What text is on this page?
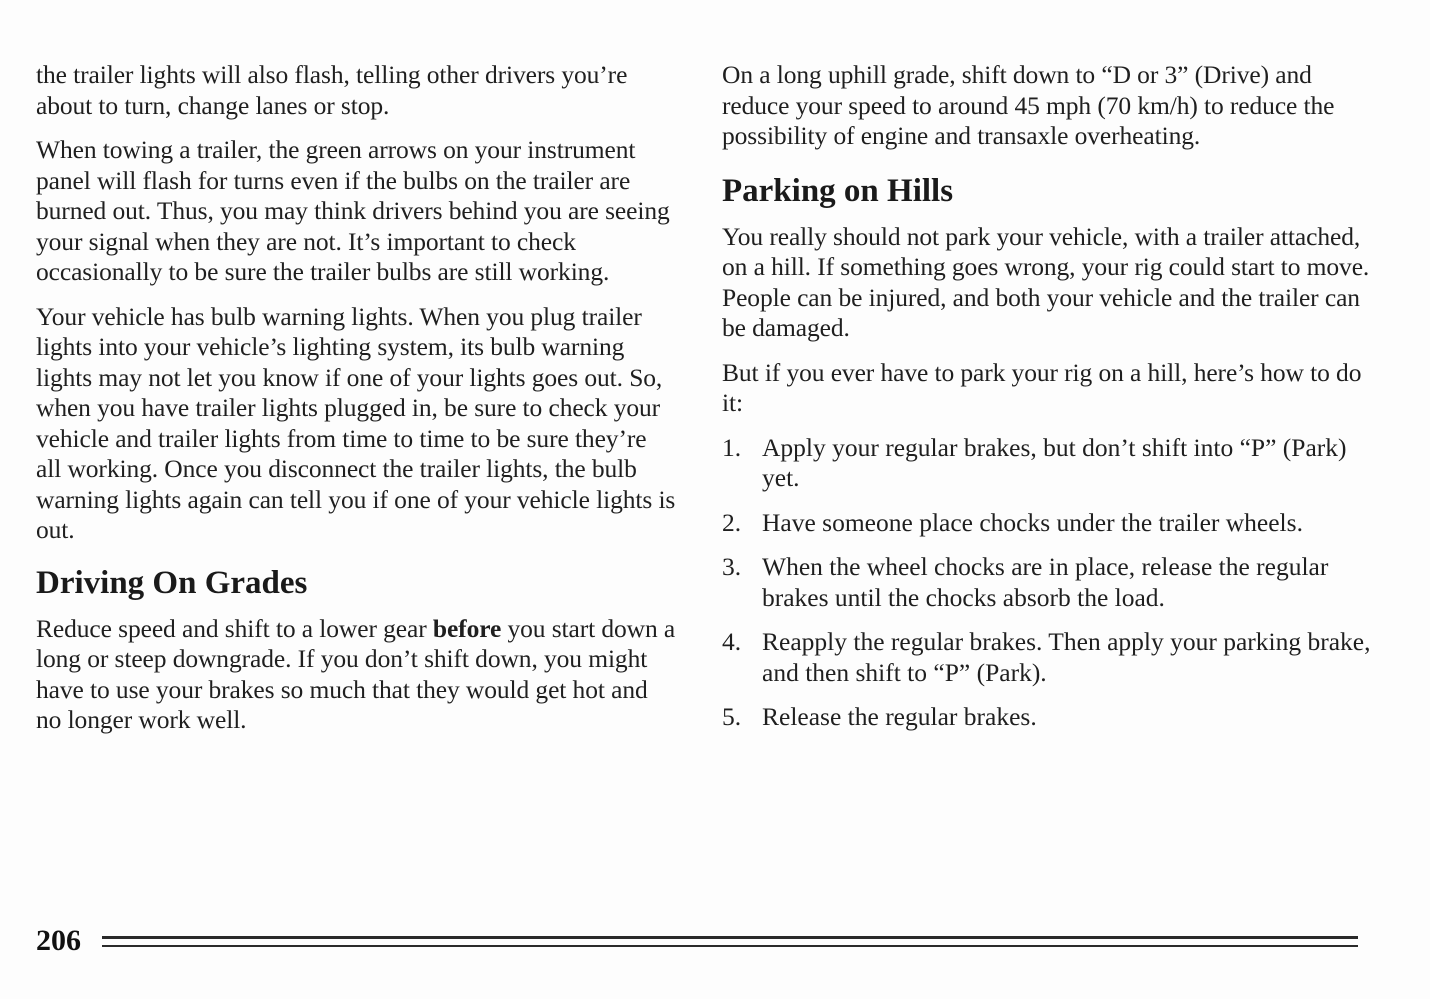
the trailer lights will also flash, telling other drivers you’re about to turn, change lanes or stop.

When towing a trailer, the green arrows on your instrument panel will flash for turns even if the bulbs on the trailer are burned out. Thus, you may think drivers behind you are seeing your signal when they are not. It’s important to check occasionally to be sure the trailer bulbs are still working.

Your vehicle has bulb warning lights. When you plug trailer lights into your vehicle’s lighting system, its bulb warning lights may not let you know if one of your lights goes out. So, when you have trailer lights plugged in, be sure to check your vehicle and trailer lights from time to time to be sure they’re all working. Once you disconnect the trailer lights, the bulb warning lights again can tell you if one of your vehicle lights is out.

Driving On Grades

Reduce speed and shift to a lower gear before you start down a long or steep downgrade. If you don’t shift down, you might have to use your brakes so much that they would get hot and no longer work well.

On a long uphill grade, shift down to “D or 3” (Drive) and reduce your speed to around 45 mph (70 km/h) to reduce the possibility of engine and transaxle overheating.

Parking on Hills

You really should not park your vehicle, with a trailer attached, on a hill. If something goes wrong, your rig could start to move. People can be injured, and both your vehicle and the trailer can be damaged.

But if you ever have to park your rig on a hill, here’s how to do it:

1. Apply your regular brakes, but don’t shift into “P” (Park) yet.
2. Have someone place chocks under the trailer wheels.
3. When the wheel chocks are in place, release the regular brakes until the chocks absorb the load.
4. Reapply the regular brakes. Then apply your parking brake, and then shift to “P” (Park).
5. Release the regular brakes.
206
